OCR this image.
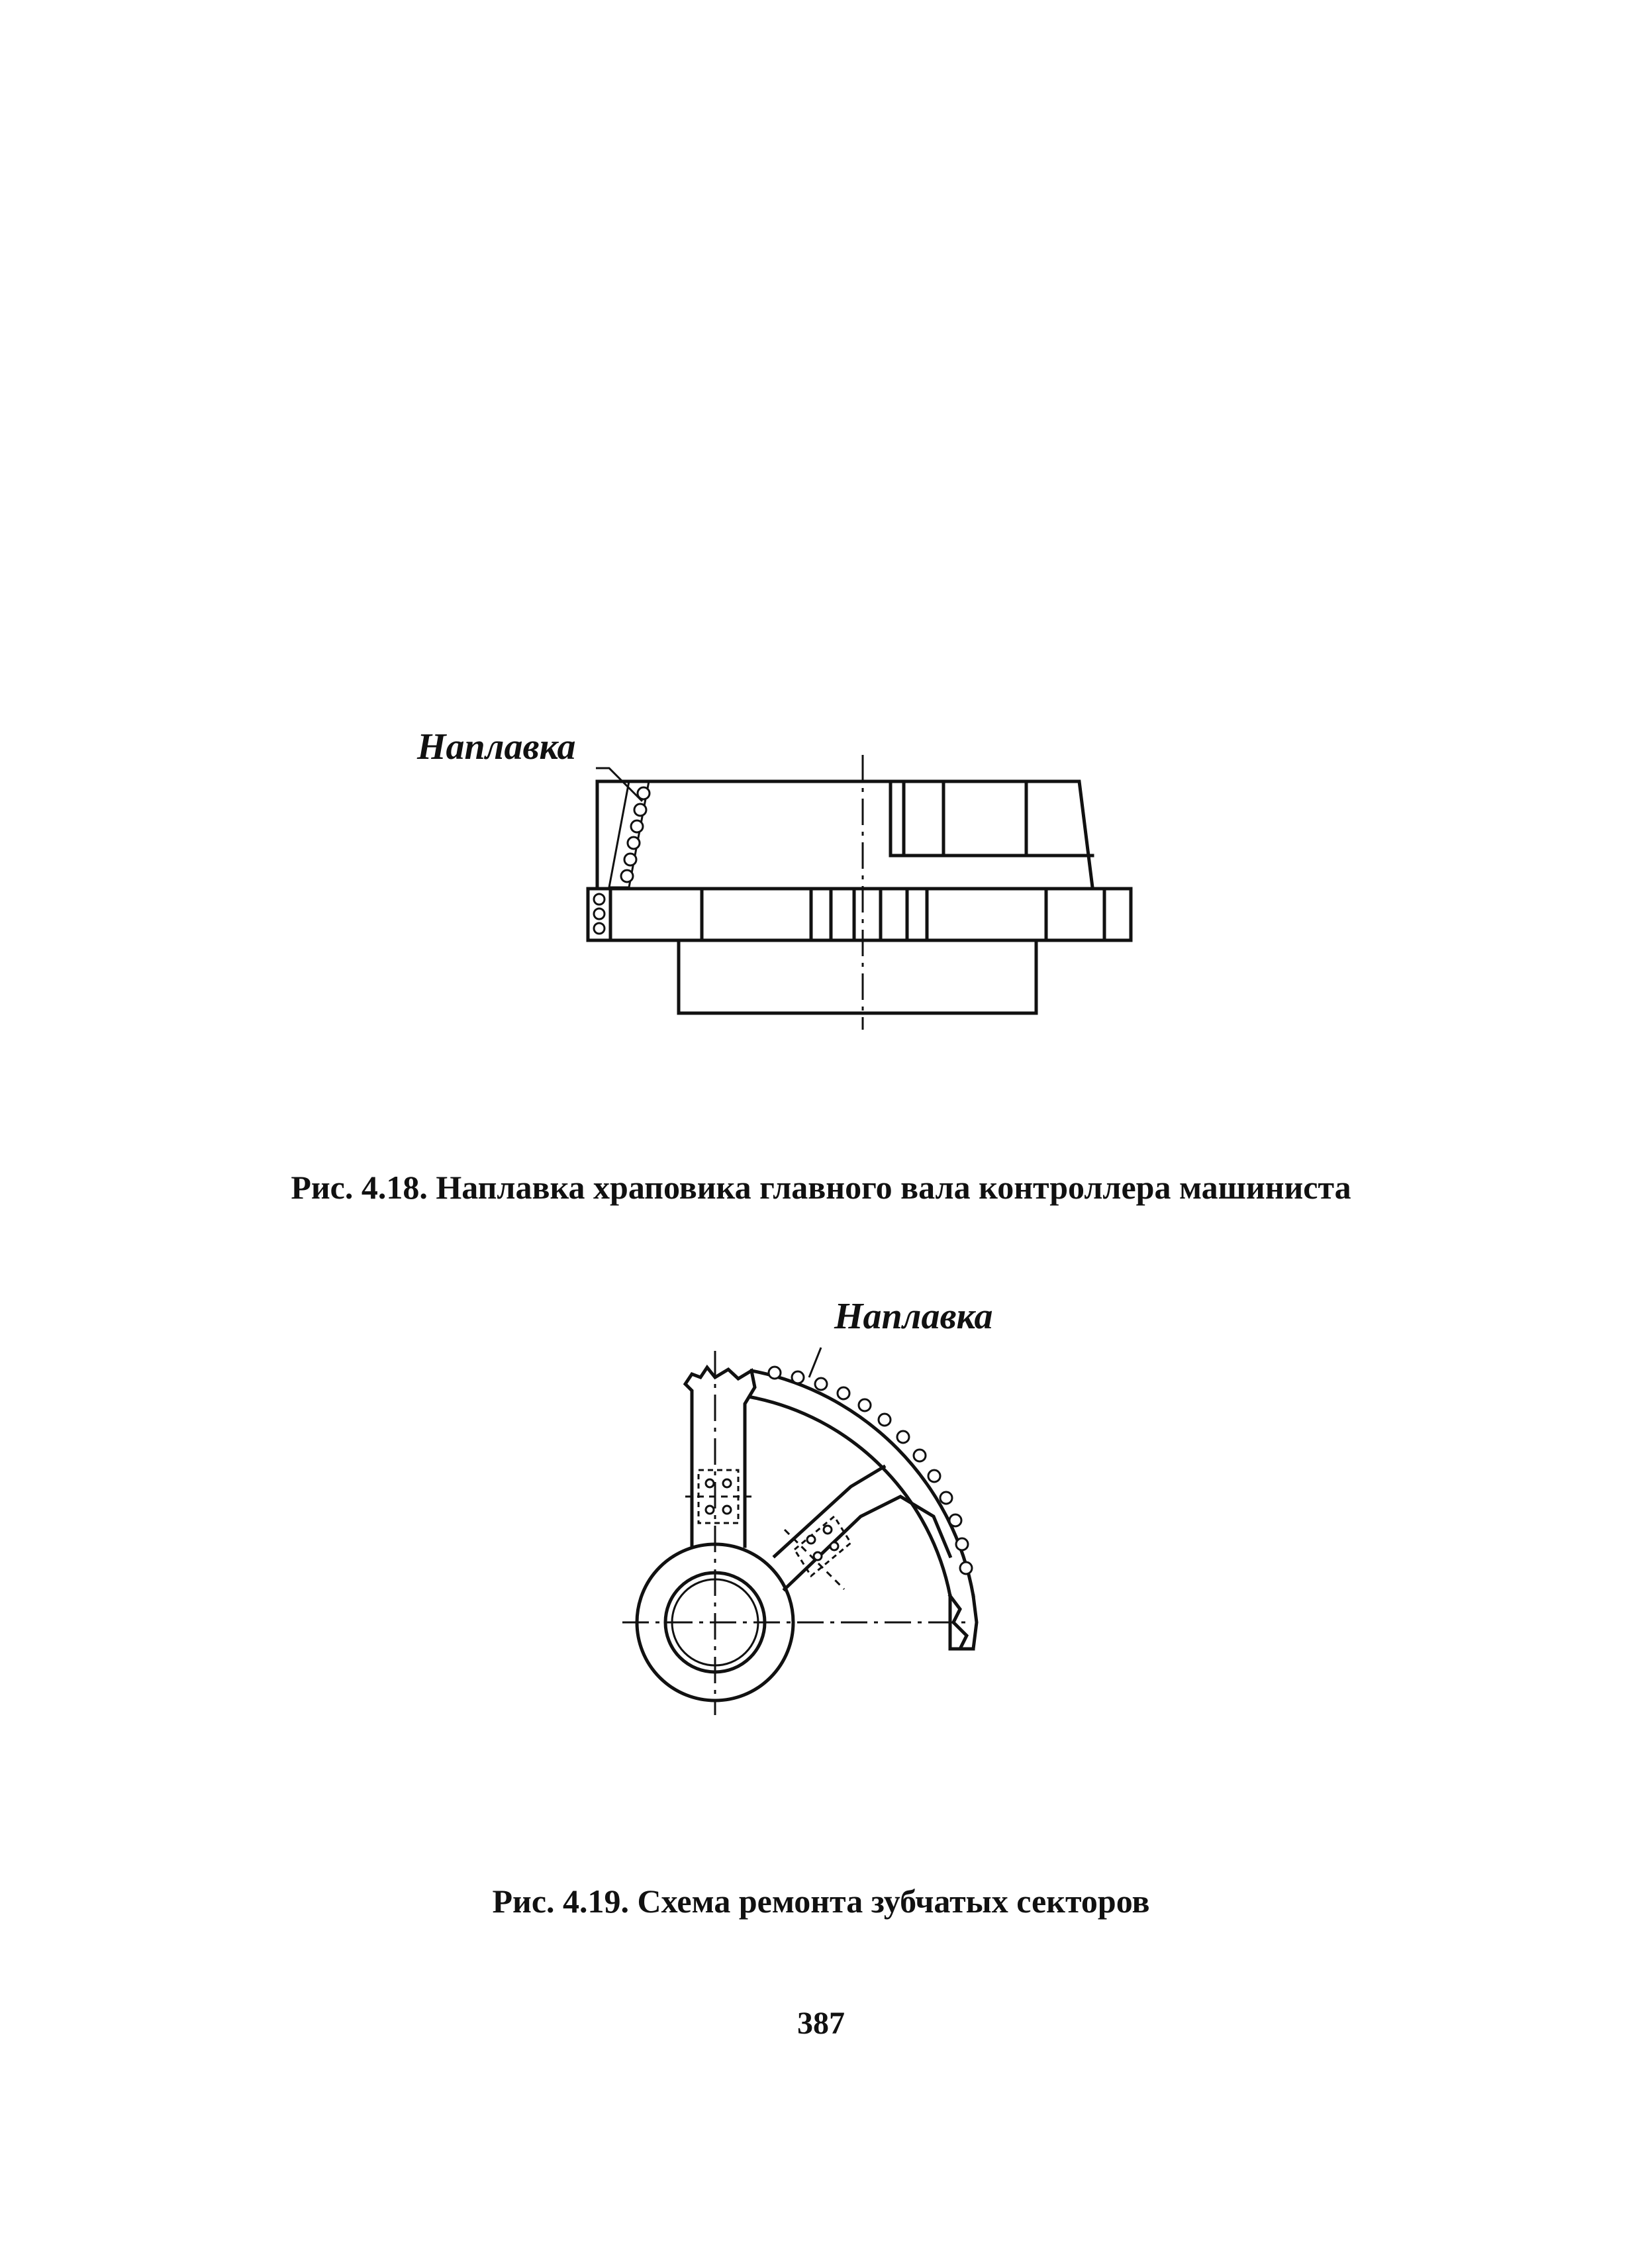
Наплавка
Рис. 4.18. Наплавка храповика главного вала контроллера машиниста
Наплавка
Рис. 4.19. Схема ремонта зубчатых секторов
387
